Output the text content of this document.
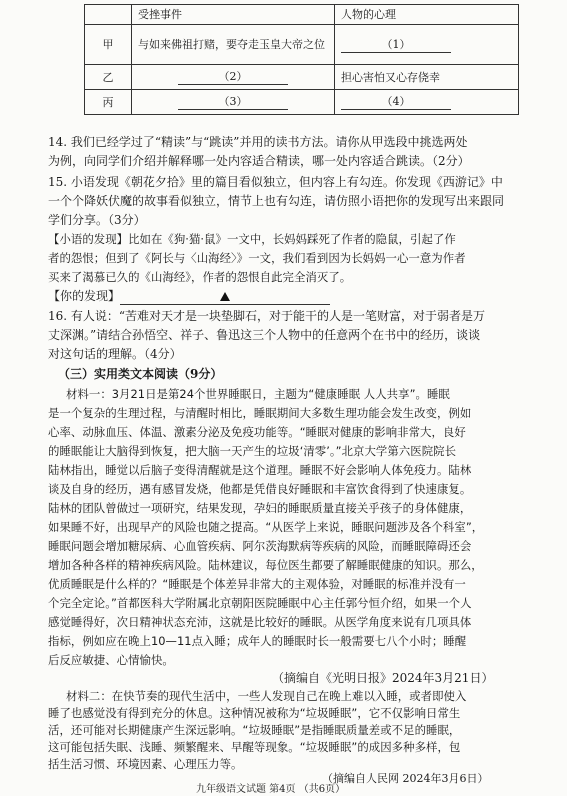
	受挫事件	人物的心理
甲	与如来佛祖打赌，要夺走玉皇大帝之位	（1）
乙	（2）	担心害怕又心存侥幸
丙	（3）	（4）
14. 我们已经学过了“精读”与“跳读”并用的读书方法。请你从甲选段中挑选两处
为例，向同学们介绍并解释哪一处内容适合精读，哪一处内容适合跳读。（2分）
15. 小语发现《朝花夕拾》里的篇目看似独立，但内容上有勾连。你发现《西游记》中
一个个降妖伏魔的故事看似独立，情节上也有勾连，请仿照小语把你的发现写出来跟同
学们分享。（3分）
【小语的发现】比如在《狗·猫·鼠》一文中，长妈妈踩死了作者的隐鼠，引起了作
者的怨恨；但到了《阿长与〈山海经〉》一文，我们看到因为长妈妈一心一意为作者
买来了渴慕已久的《山海经》，作者的怨恨自此完全消灭了。
【你的发现】
16. 有人说：“苦难对天才是一块垫脚石，对于能干的人是一笔财富，对于弱者是万
丈深渊。”请结合孙悟空、祥子、鲁迅这三个人物中的任意两个在书中的经历，谈谈
对这句话的理解。（4分）
（三）实用类文本阅读（9分）
材料一：3月21日是第24个世界睡眠日，主题为“健康睡眠 人人共享”。睡眠
是一个复杂的生理过程，与清醒时相比，睡眠期间大多数生理功能会发生改变，例如
心率、动脉血压、体温、激素分泌及免疫功能等。“睡眠对健康的影响非常大，良好
的睡眠能让大脑得到恢复，把大脑一天产生的垃圾‘清零’。”北京大学第六医院院长
陆林指出，睡觉以后脑子变得清醒就是这个道理。睡眠不好会影响人体免疫力。陆林
谈及自身的经历，遇有感冒发烧，他都是凭借良好睡眠和丰富饮食得到了快速康复。
陆林的团队曾做过一项研究，结果发现，孕妇的睡眠质量直接关乎孩子的身体健康，
如果睡不好，出现早产的风险也随之提高。“从医学上来说，睡眠问题涉及各个科室”，
睡眠问题会增加糖尿病、心血管疾病、阿尔茨海默病等疾病的风险，而睡眠障碍还会
增加各种各样的精神疾病风险。陆林建议，每位医生都要了解睡眠健康的知识。那么，
优质睡眠是什么样的？“睡眠是个体差异非常大的主观体验，对睡眠的标准并没有一
个完全定论。”首都医科大学附属北京朝阳医院睡眠中心主任郭兮恒介绍，如果一个人
感觉睡得好，次日精神状态充沛，这就是比较好的睡眠。从医学角度来说有几项具体
指标，例如应在晚上10—11点入睡；成年人的睡眠时长一般需要七八个小时；睡醒
后反应敏捷、心情愉快。
（摘编自《光明日报》2024年3月21日）
材料二：在快节奏的现代生活中，一些人发现自己在晚上难以入睡，或者即使入
睡了也感觉没有得到充分的休息。这种情况被称为“垃圾睡眠”，它不仅影响日常生
活，还可能对长期健康产生深远影响。“垃圾睡眠”是指睡眠质量差或不足的睡眠，
这可能包括失眠、浅睡、频繁醒来、早醒等现象。“垃圾睡眠”的成因多种多样，包
括生活习惯、环境因素、心理压力等。
（摘编自人民网 2024年3月6日）
九年级语文试题 第4页 （共6页）
